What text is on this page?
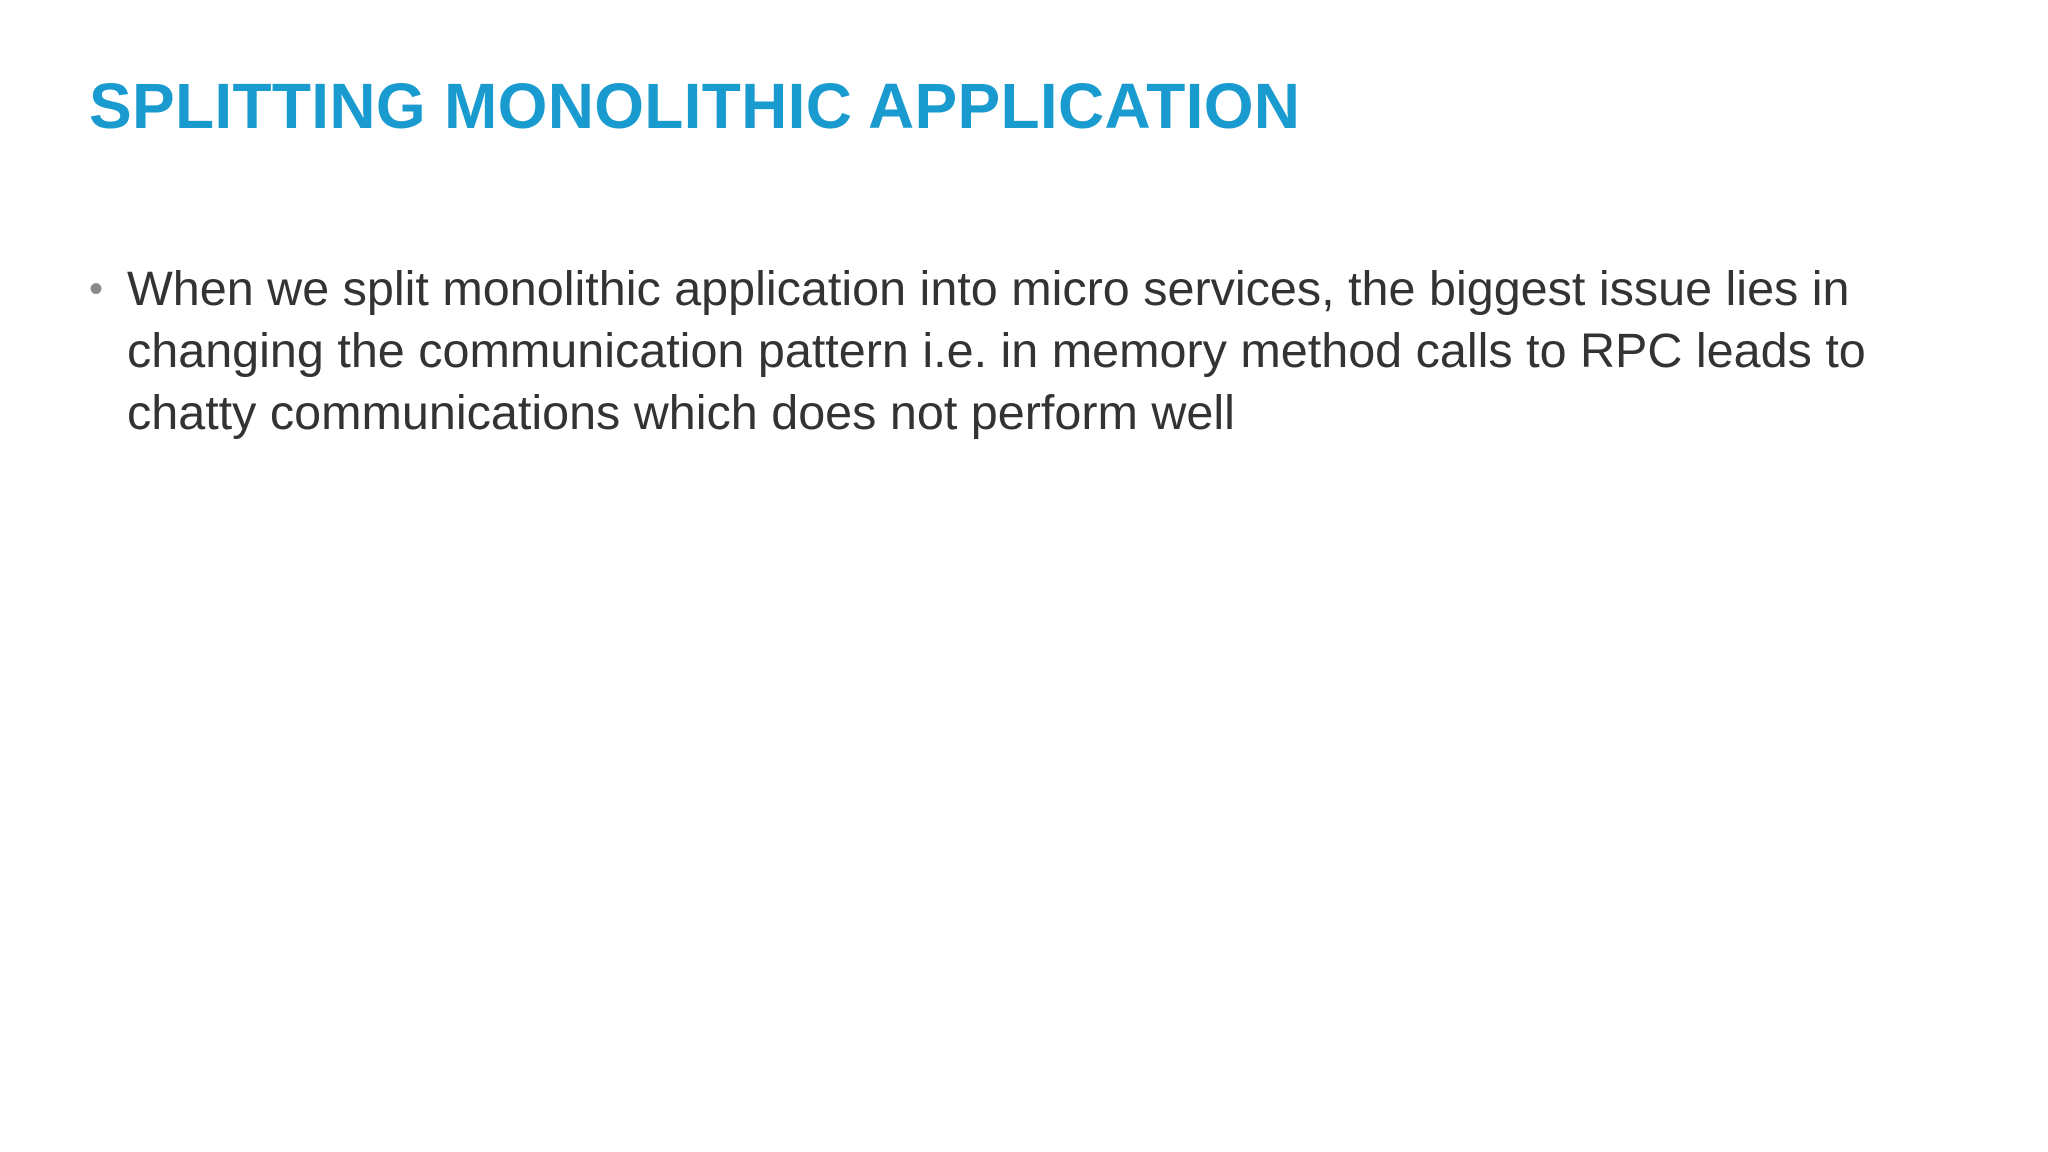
SPLITTING MONOLITHIC APPLICATION
• When we split monolithic application into micro services, the biggest issue lies in changing the communication pattern i.e. in memory method calls to RPC leads to chatty communications which does not perform well
